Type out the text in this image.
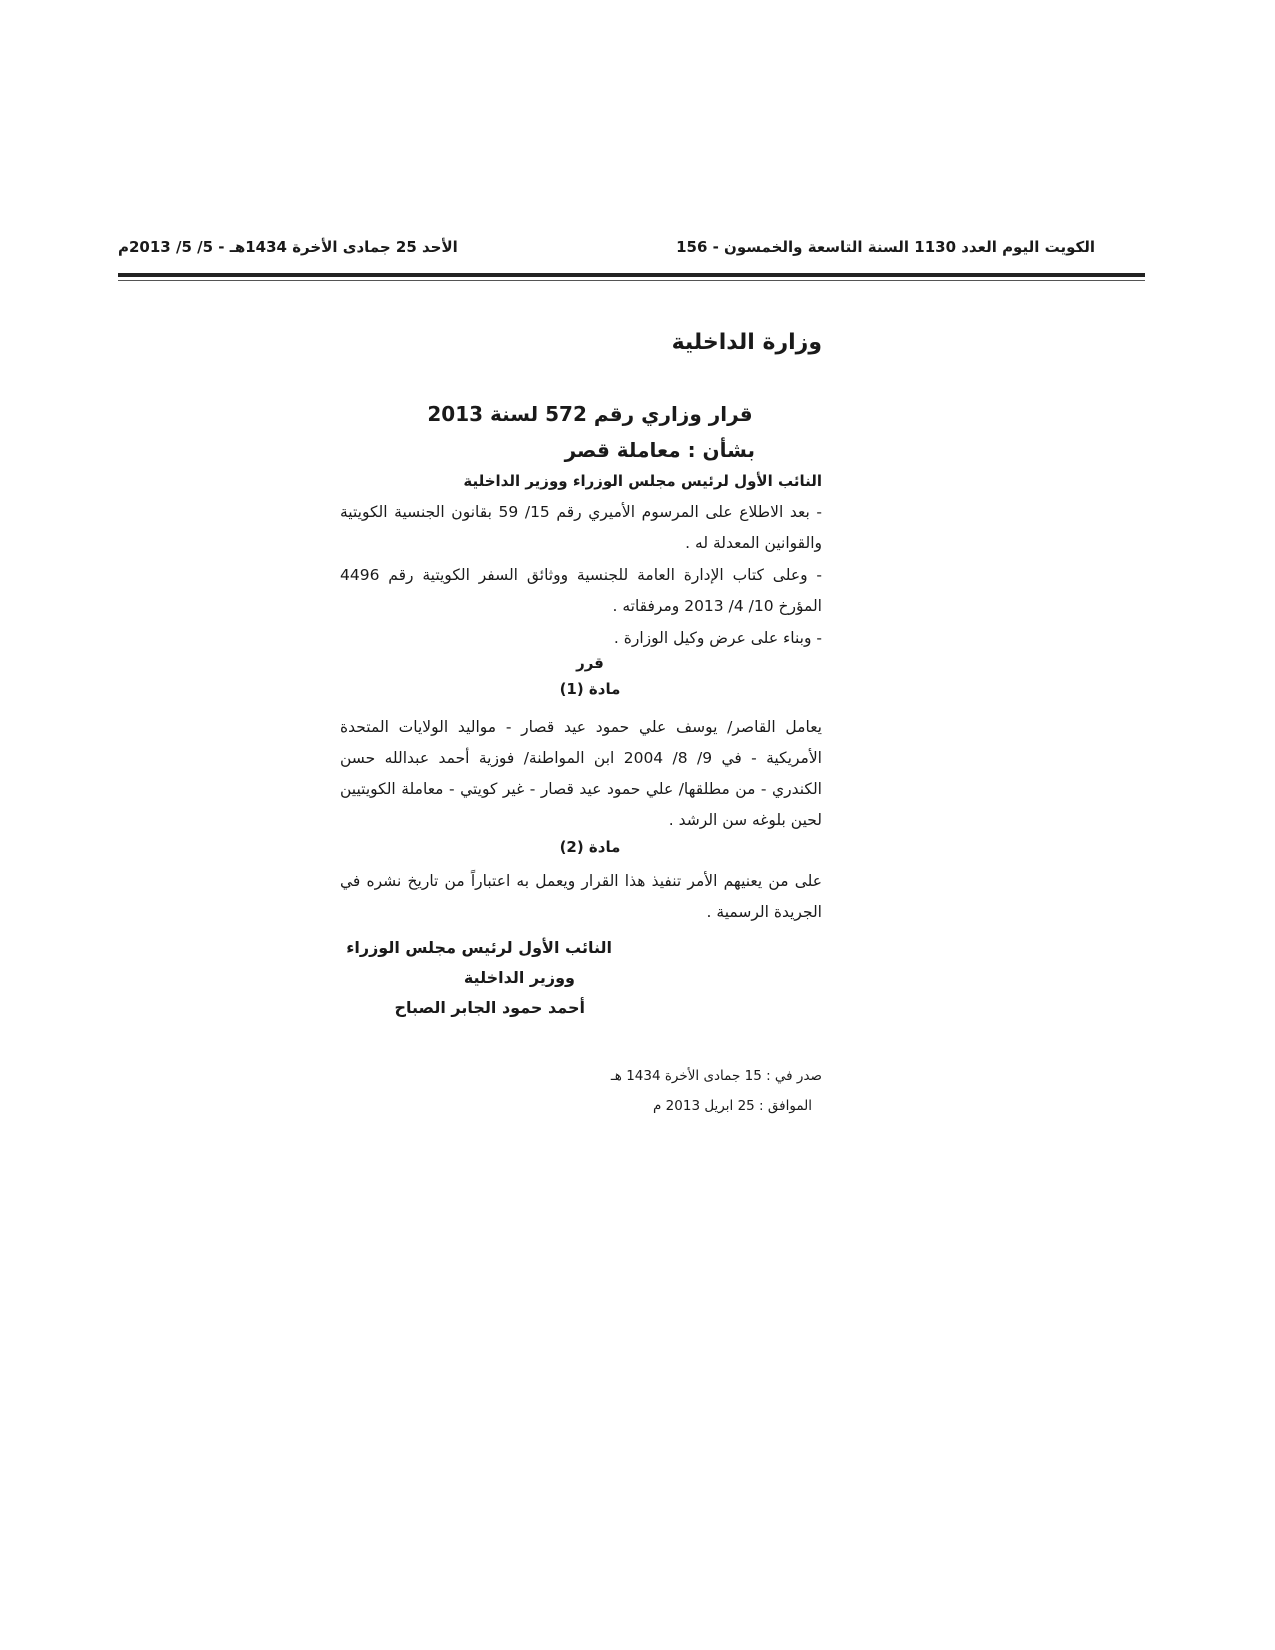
الكويت اليوم العدد 1130 السنة التاسعة والخمسون - 156
الأحد 25 جمادى الأخرة 1434هـ - 5/ 5/ 2013م
وزارة الداخلية
قرار وزاري رقم 572 لسنة 2013
بشأن : معاملة قصر
النائب الأول لرئيس مجلس الوزراء ووزير الداخلية
- بعد الاطلاع على المرسوم الأميري رقم 15/ 59 بقانون الجنسية الكويتية والقوانين المعدلة له .
- وعلى كتاب الإدارة العامة للجنسية ووثائق السفر الكويتية رقم 4496 المؤرخ 10/ 4/ 2013 ومرفقاته .
- وبناء على عرض وكيل الوزارة .
قرر
مادة (1)
يعامل القاصر/ يوسف علي حمود عيد قصار - مواليد الولايات المتحدة الأمريكية - في 9/ 8/ 2004 ابن المواطنة/ فوزية أحمد عبدالله حسن الكندري - من مطلقها/ علي حمود عيد قصار - غير كويتي - معاملة الكويتيين لحين بلوغه سن الرشد .
مادة (2)
على من يعنيهم الأمر تنفيذ هذا القرار ويعمل به اعتباراً من تاريخ نشره في الجريدة الرسمية .
النائب الأول لرئيس مجلس الوزراء
ووزير الداخلية
أحمد حمود الجابر الصباح
صدر في : 15 جمادى الأخرة 1434 هـ
الموافق : 25 ابريل 2013 م
